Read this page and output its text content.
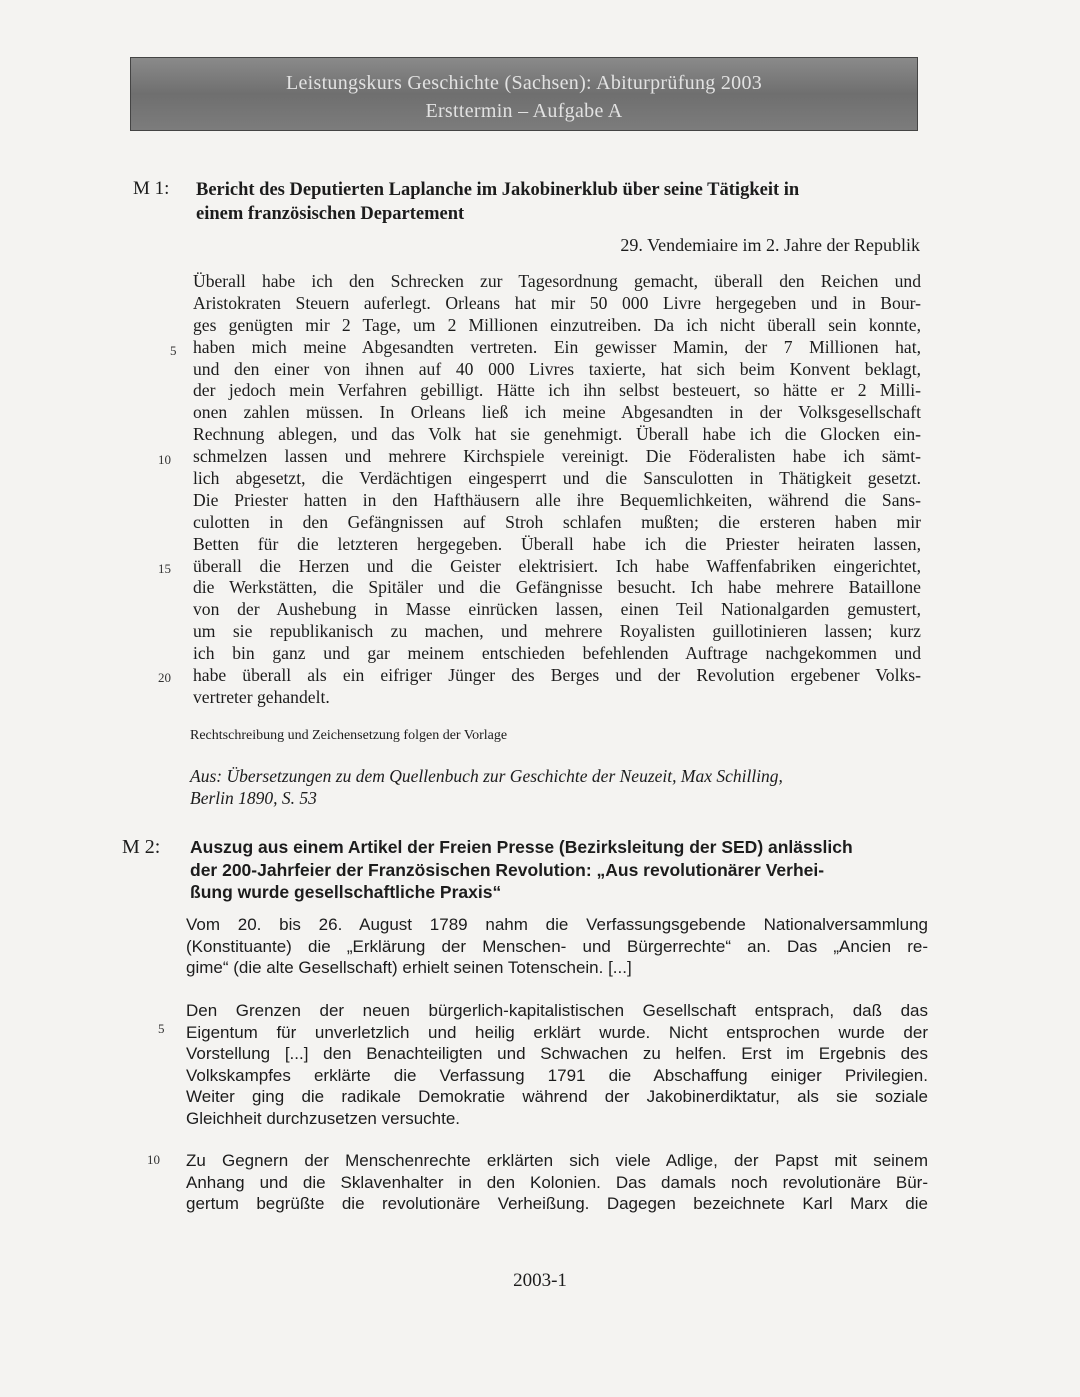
Leistungskurs Geschichte (Sachsen): Abiturprüfung 2003
Ersttermin – Aufgabe A
M 1: Bericht des Deputierten Laplanche im Jakobinerklub über seine Tätigkeit in
einem französischen Departement
29. Vendemiaire im 2. Jahre der Republik
Überall habe ich den Schrecken zur Tagesordnung gemacht, überall den Reichen und
Aristokraten Steuern auferlegt. Orleans hat mir 50 000 Livre hergegeben und in Bour-
ges genügten mir 2 Tage, um 2 Millionen einzutreiben. Da ich nicht überall sein konnte,
haben mich meine Abgesandten vertreten. Ein gewisser Mamin, der 7 Millionen hat,
und den einer von ihnen auf 40 000 Livres taxierte, hat sich beim Konvent beklagt,
der jedoch mein Verfahren gebilligt. Hätte ich ihn selbst besteuert, so hätte er 2 Milli-
onen zahlen müssen. In Orleans ließ ich meine Abgesandten in der Volksgesellschaft
Rechnung ablegen, und das Volk hat sie genehmigt. Überall habe ich die Glocken ein-
schmelzen lassen und mehrere Kirchspiele vereinigt. Die Föderalisten habe ich sämt-
lich abgesetzt, die Verdächtigen eingesperrt und die Sansculotten in Thätigkeit gesetzt.
Die Priester hatten in den Hafthäusern alle ihre Bequemlichkeiten, während die Sans-
culotten in den Gefängnissen auf Stroh schlafen mußten; die ersteren haben mir
Betten für die letzteren hergegeben. Überall habe ich die Priester heiraten lassen,
überall die Herzen und die Geister elektrisiert. Ich habe Waffenfabriken eingerichtet,
die Werkstätten, die Spitäler und die Gefängnisse besucht. Ich habe mehrere Bataillone
von der Aushebung in Masse einrücken lassen, einen Teil Nationalgarden gemustert,
um sie republikanisch zu machen, und mehrere Royalisten guillotinieren lassen; kurz
ich bin ganz und gar meinem entschieden befehlenden Auftrage nachgekommen und
habe überall als ein eifriger Jünger des Berges und der Revolution ergebener Volks-
vertreter gehandelt.
5
10
15
20
Rechtschreibung und Zeichensetzung folgen der Vorlage
Aus: Übersetzungen zu dem Quellenbuch zur Geschichte der Neuzeit, Max Schilling,
Berlin 1890, S. 53
M 2: Auszug aus einem Artikel der Freien Presse (Bezirksleitung der SED) anlässlich
der 200-Jahrfeier der Französischen Revolution: „Aus revolutionärer Verhei-
ßung wurde gesellschaftliche Praxis“
Vom 20. bis 26. August 1789 nahm die Verfassungsgebende Nationalversammlung
(Konstituante) die „Erklärung der Menschen- und Bürgerrechte“ an. Das „Ancien re-
gime“ (die alte Gesellschaft) erhielt seinen Totenschein. [...]
Den Grenzen der neuen bürgerlich-kapitalistischen Gesellschaft entsprach, daß das
Eigentum für unverletzlich und heilig erklärt wurde. Nicht entsprochen wurde der
Vorstellung [...] den Benachteiligten und Schwachen zu helfen. Erst im Ergebnis des
Volkskampfes erklärte die Verfassung 1791 die Abschaffung einiger Privilegien.
Weiter ging die radikale Demokratie während der Jakobinerdiktatur, als sie soziale
Gleichheit durchzusetzen versuchte.
Zu Gegnern der Menschenrechte erklärten sich viele Adlige, der Papst mit seinem
Anhang und die Sklavenhalter in den Kolonien. Das damals noch revolutionäre Bür-
gertum begrüßte die revolutionäre Verheißung. Dagegen bezeichnete Karl Marx die
5
10
2003-1
